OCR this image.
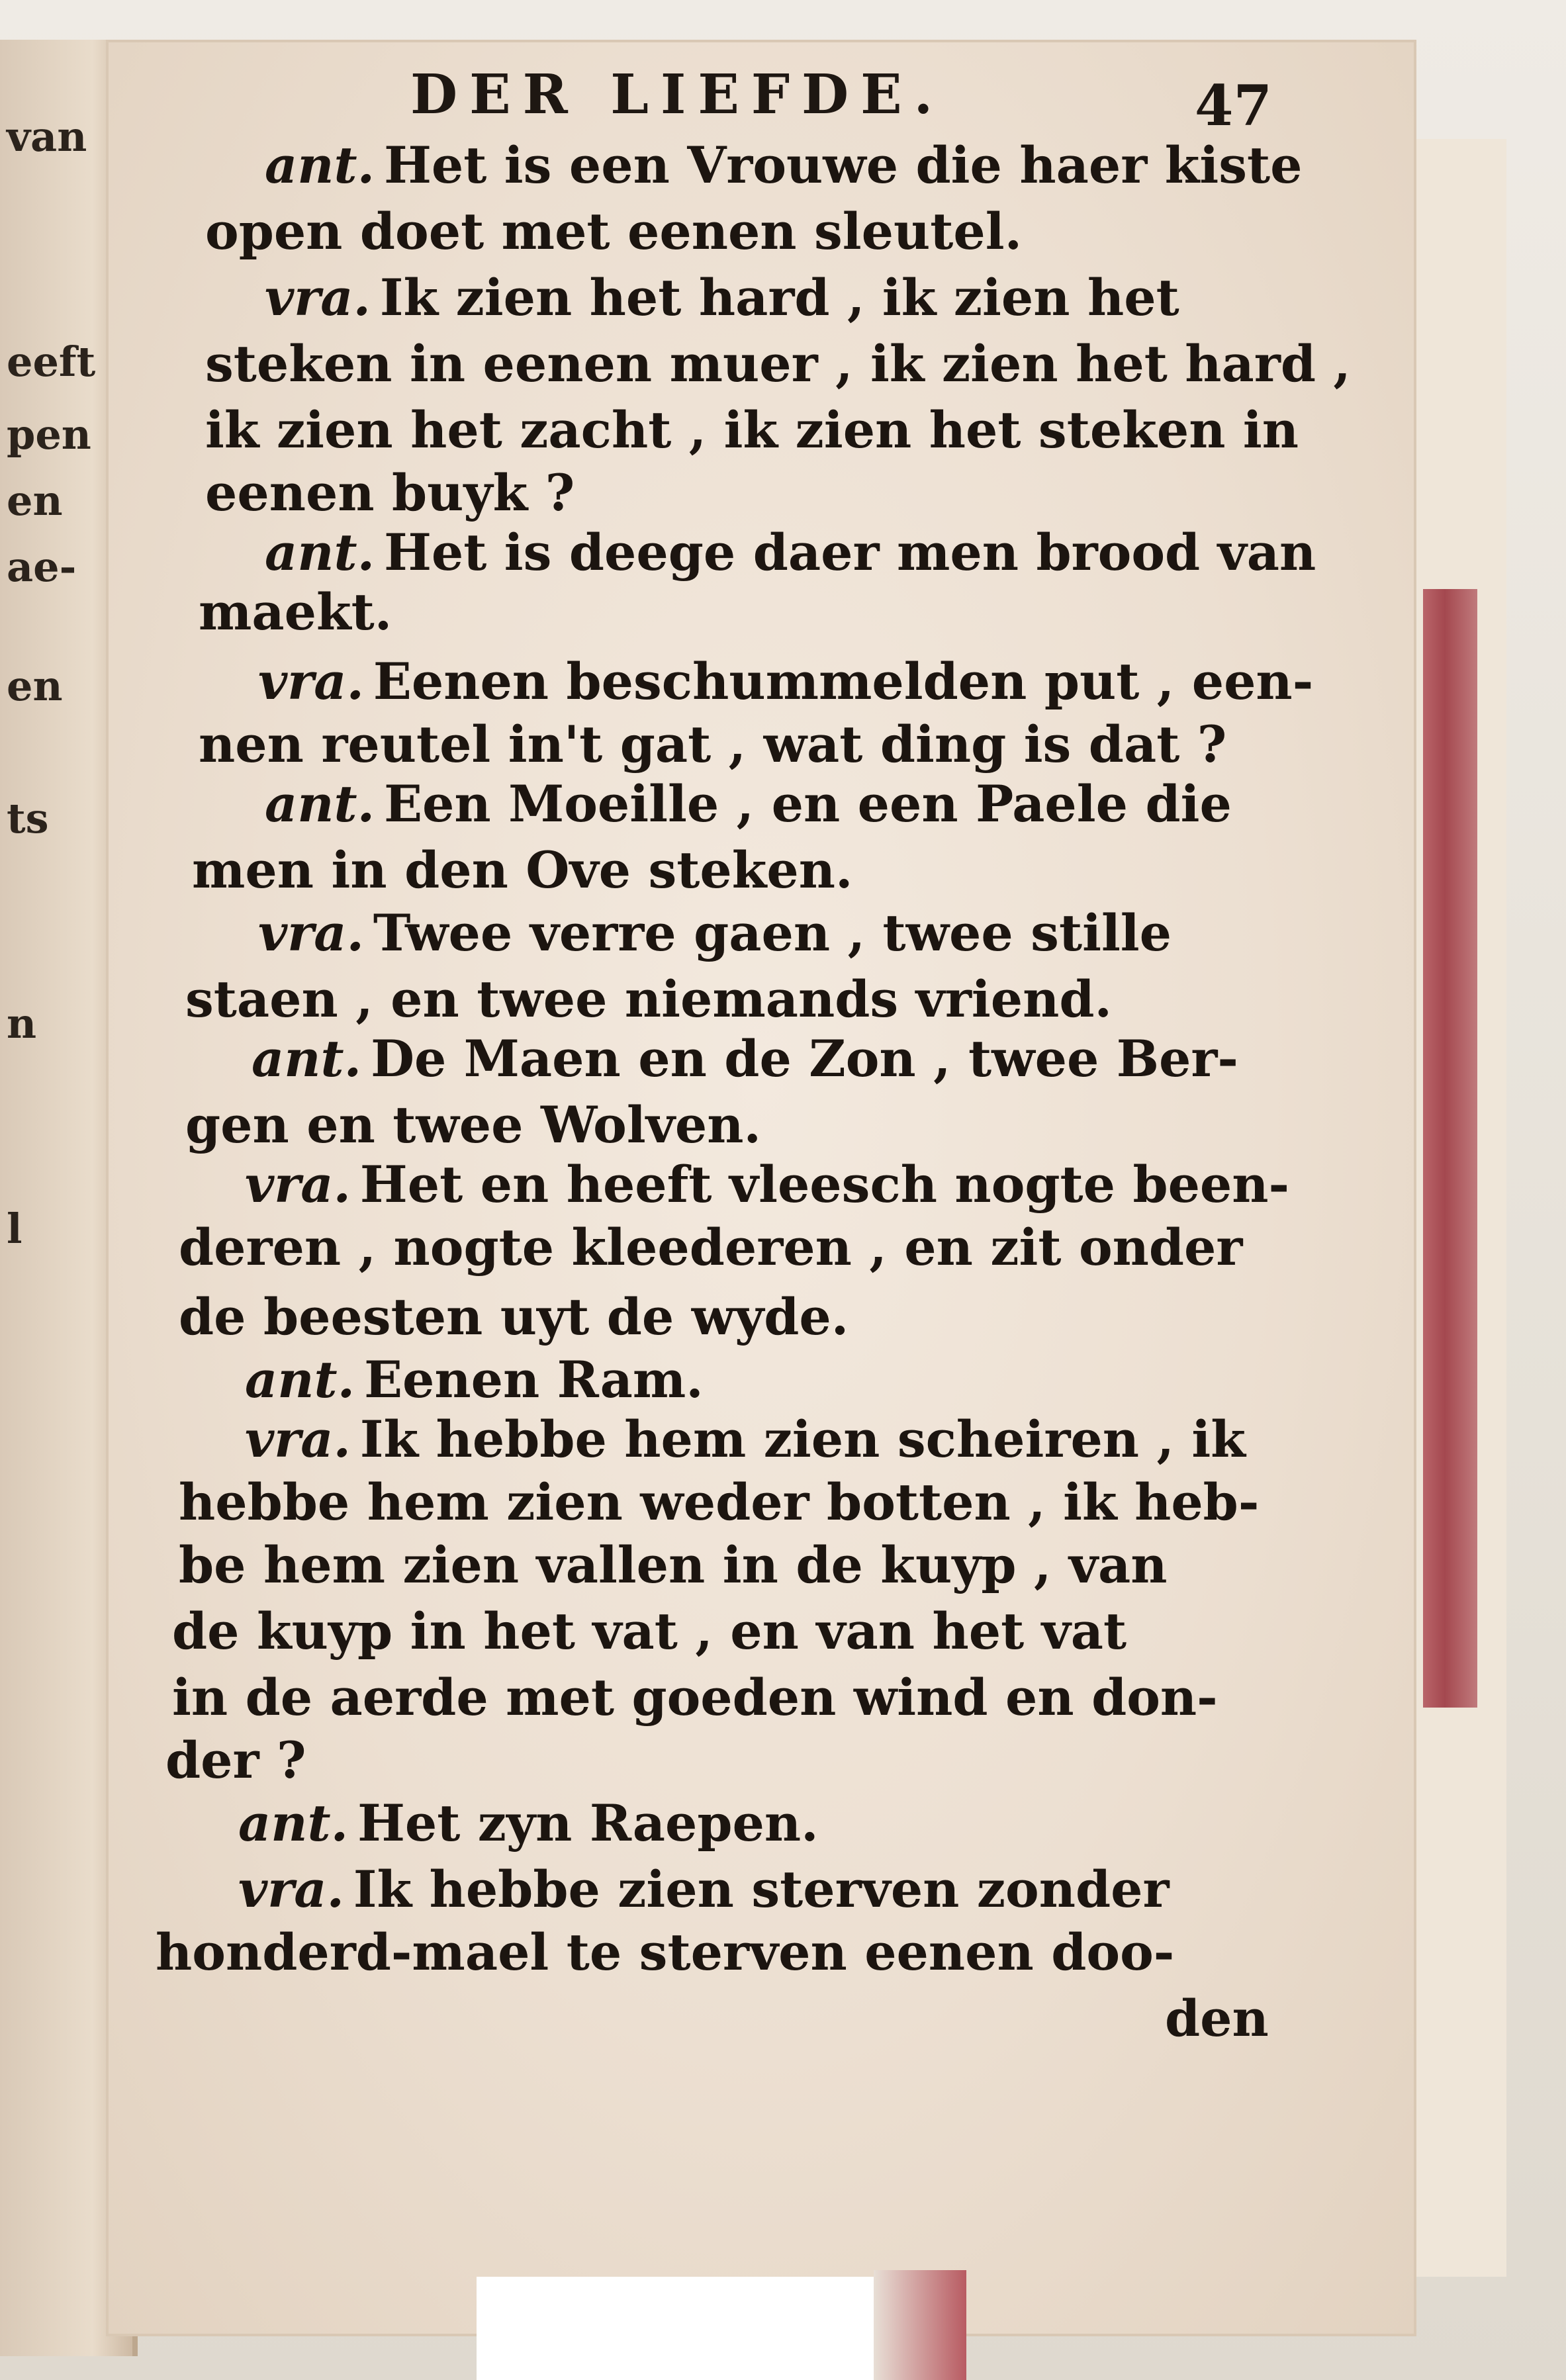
van
eeft
pen
en
ae-
en
ts
n
l
DER LIEFDE.	47
ant. Het is een Vrouwe die haer kiste
open doet met eenen sleutel.
vra. Ik zien het hard , ik zien het
steken in eenen muer , ik zien het hard ,
ik zien het zacht , ik zien het steken in
eenen buyk ?
ant. Het is deege daer men brood van
maekt.
vra. Eenen beschummelden put , een-
nen reutel in't gat , wat ding is dat ?
ant. Een Moeille , en een Paele die
men in den Ove steken.
vra. Twee verre gaen , twee stille
staen , en twee niemands vriend.
ant. De Maen en de Zon , twee Ber-
gen en twee Wolven.
vra. Het en heeft vleesch nogte been-
deren , nogte kleederen , en zit onder
de beesten uyt de wyde.
ant. Eenen Ram.
vra. Ik hebbe hem zien scheiren , ik
hebbe hem zien weder botten , ik heb-
be hem zien vallen in de kuyp , van
de kuyp in het vat , en van het vat
in de aerde met goeden wind en don-
der ?
ant. Het zyn Raepen.
vra. Ik hebbe zien sterven zonder
honderd-mael te sterven eenen doo-
den
